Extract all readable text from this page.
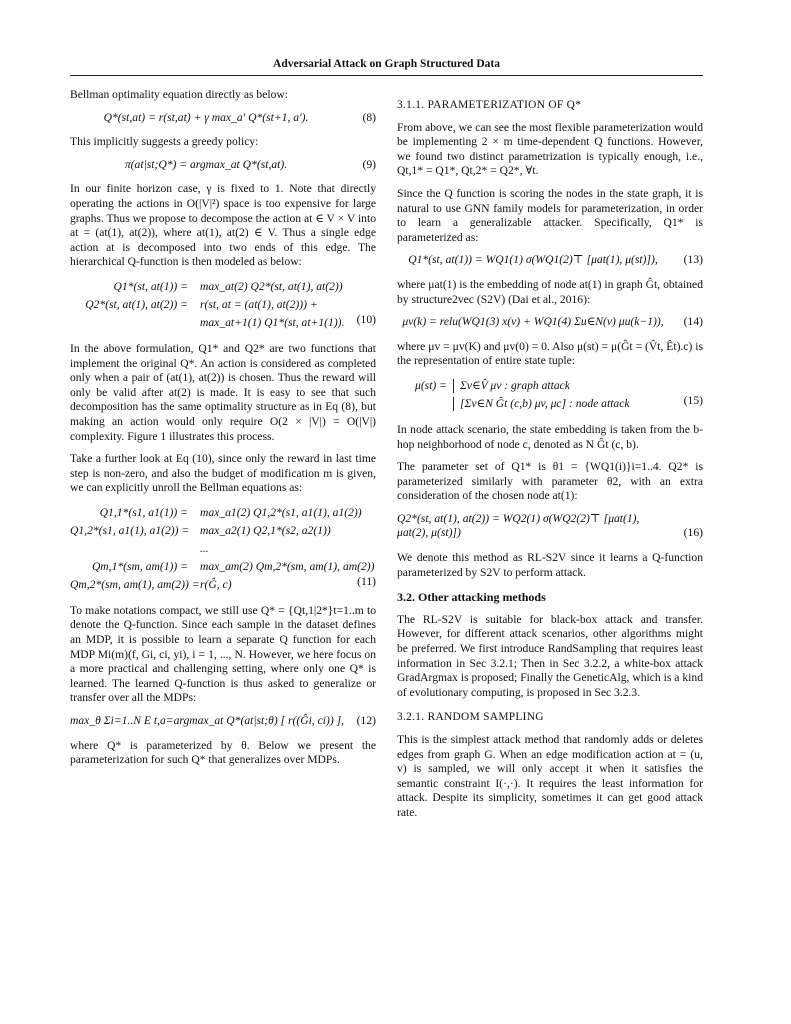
Adversarial Attack on Graph Structured Data

Bellman optimality equation directly as below:

Q*(st,at) = r(st,at) + γ max_a′ Q*(st+1, a′).	(8)

This implicitly suggests a greedy policy:

π(at|st;Q*) = argmax_at Q*(st,at).	(9)

In our finite horizon case, γ is fixed to 1. Note that directly operating the actions in O(|V|²) space is too expensive for large graphs. Thus we propose to decompose the action at ∈ V × V into at = (at(1), at(2)), where at(1), at(2) ∈ V. Thus a single edge action at is decomposed into two ends of this edge. The hierarchical Q-function is then modeled as below:

Q1*(st, at(1)) =	max_at(2) Q2*(st, at(1), at(2))
Q2*(st, at(1), at(2)) =	r(st, at = (at(1), at(2))) +
max_at+1(1) Q1*(st, at+1(1)).	(10)

In the above formulation, Q1* and Q2* are two functions that implement the original Q*. An action is considered as completed only when a pair of (at(1), at(2)) is chosen. Thus the reward will only be valid after at(2) is made. It is easy to see that such decomposition has the same optimality structure as in Eq (8), but making an action would only require O(2 × |V|) = O(|V|) complexity. Figure 1 illustrates this process.

Take a further look at Eq (10), since only the reward in last time step is non-zero, and also the budget of modification m is given, we can explicitly unroll the Bellman equations as:

Q1,1*(s1, a1(1)) =	max_a1(2) Q1,2*(s1, a1(1), a1(2))
Q1,2*(s1, a1(1), a1(2)) = max_a2(1) Q2,1*(s2, a2(1))
...
Qm,1*(sm, am(1)) =	max_am(2) Qm,2*(sm, am(1), am(2))
Qm,2*(sm, am(1), am(2)) = r(Ĝ, c)	(11)

To make notations compact, we still use Q* = {Qt,1|2*}t=1..m to denote the Q-function. Since each sample in the dataset defines an MDP, it is possible to learn a separate Q function for each MDP Mi(m)(f, Gi, ci, yi), i = 1, ..., N. However, we here focus on a more practical and challenging setting, where only one Q* is learned. The learned Q-function is thus asked to generalize or transfer over all the MDPs:

max_θ Σi=1..N E t,a=argmax_at Q*(at|st;θ) [ r((Ĝi, ci)) ], (12)

where Q* is parameterized by θ. Below we present the parameterization for such Q* that generalizes over MDPs.

3.1.1. PARAMETERIZATION OF Q*

From above, we can see the most flexible parameterization would be implementing 2 × m time-dependent Q functions. However, we found two distinct parametrization is typically enough, i.e., Qt,1* = Q1*, Qt,2* = Q2*, ∀t.

Since the Q function is scoring the nodes in the state graph, it is natural to use GNN family models for parameterization, in order to learn a generalizable attacker. Specifically, Q1* is parameterized as:

Q1*(st, at(1)) = WQ1(1) σ(WQ1(2)⊤ [μat(1), μ(st)]), (13)

where μat(1) is the embedding of node at(1) in graph Ĝt, obtained by structure2vec (S2V) (Dai et al., 2016):

μv(k) = relu(WQ1(3) x(v) + WQ1(4) Σu∈N(v) μu(k−1)), (14)

where μv = μv(K) and μv(0) = 0. Also μ(st) = μ(Ĝt = (V̂t, Êt).c) is the representation of entire state tuple:

μ(st) =	Σv∈V̂ μv : graph attack
[Σv∈N Ĝt (c,b) μv, μc] : node attack	(15)

In node attack scenario, the state embedding is taken from the b-hop neighborhood of node c, denoted as N Ĝt (c, b).

The parameter set of Q1* is θ1 = {WQ1(i)}i=1..4. Q2* is parameterized similarly with parameter θ2, with an extra consideration of the chosen node at(1):

Q2*(st, at(1), at(2)) = WQ2(1) σ(WQ2(2)⊤ [μat(1), μat(2), μ(st)])	(16)

We denote this method as RL-S2V since it learns a Q-function parameterized by S2V to perform attack.

3.2. Other attacking methods

The RL-S2V is suitable for black-box attack and transfer. However, for different attack scenarios, other algorithms might be preferred. We first introduce RandSampling that requires least information in Sec 3.2.1; Then in Sec 3.2.2, a white-box attack GradArgmax is proposed; Finally the GeneticAlg, which is a kind of evolutionary computing, is proposed in Sec 3.2.3.

3.2.1. RANDOM SAMPLING

This is the simplest attack method that randomly adds or deletes edges from graph G. When an edge modification action at = (u, v) is sampled, we will only accept it when it satisfies the semantic constraint I(·,·). It requires the least information for attack. Despite its simplicity, sometimes it can get good attack rate.
